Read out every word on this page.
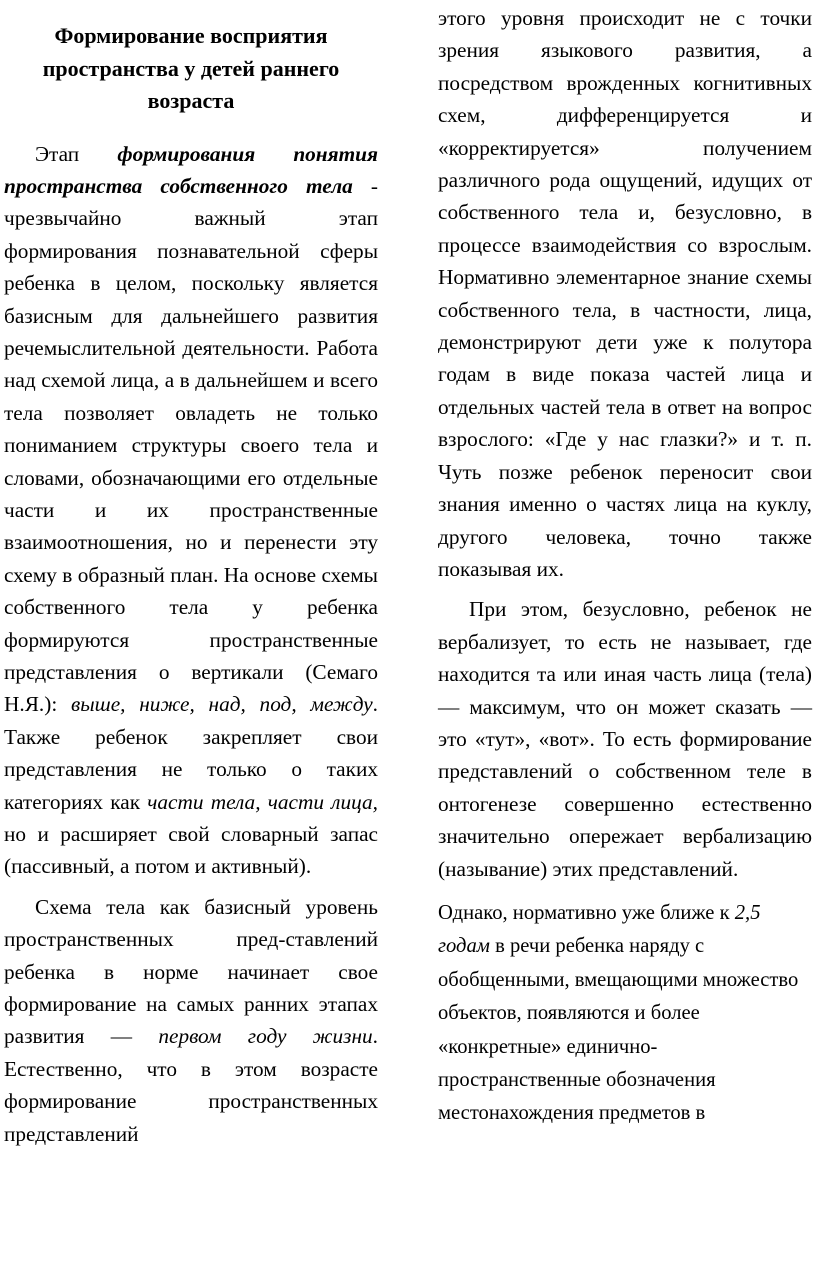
Формирование восприятия
пространства у детей раннего
возраста

Этап формирования понятия пространства собственного тела - чрезвычайно важный этап формирования познавательной сферы ребенка в целом, поскольку является базисным для дальнейшего развития речемыслительной деятельности. Работа над схемой лица, а в дальнейшем и всего тела позволяет овладеть не только пониманием структуры своего тела и словами, обозначающими его отдельные части и их пространственные взаимоотношения, но и перенести эту схему в образный план. На основе схемы собственного тела у ребенка формируются пространственные представления о вертикали (Семаго Н.Я.): выше, ниже, над, под, между. Также ребенок закрепляет свои представления не только о таких категориях как части тела, части лица, но и расширяет свой словарный запас (пассивный, а потом и активный).

Схема тела как базисный уровень пространственных пред-ставлений ребенка в норме начинает свое формирование на самых ранних этапах развития — первом году жизни. Естественно, что в этом возрасте формирование пространственных представлений

этого уровня происходит не с точки зрения языкового развития, а посредством врожденных когнитивных схем, дифференцируется и «корректируется» получением различного рода ощущений, идущих от собственного тела и, безусловно, в процессе взаимодействия со взрослым. Нормативно элементарное знание схемы собственного тела, в частности, лица, демонстрируют дети уже к полутора годам в виде показа частей лица и отдельных частей тела в ответ на вопрос взрослого: «Где у нас глазки?» и т. п. Чуть позже ребенок переносит свои знания именно о частях лица на куклу, другого человека, точно также показывая их.

При этом, безусловно, ребенок не вербализует, то есть не называет, где находится та или иная часть лица (тела) — максимум, что он может сказать — это «тут», «вот». То есть формирование представлений о собственном теле в онтогенезе совершенно естественно значительно опережает вербализацию (называние) этих представлений.

Однако, нормативно уже ближе к 2,5 годам в речи ребенка наряду с обобщенными, вмещающими множество объектов, появляются и более «конкретные» единично-пространственные обозначения местонахождения предметов в
